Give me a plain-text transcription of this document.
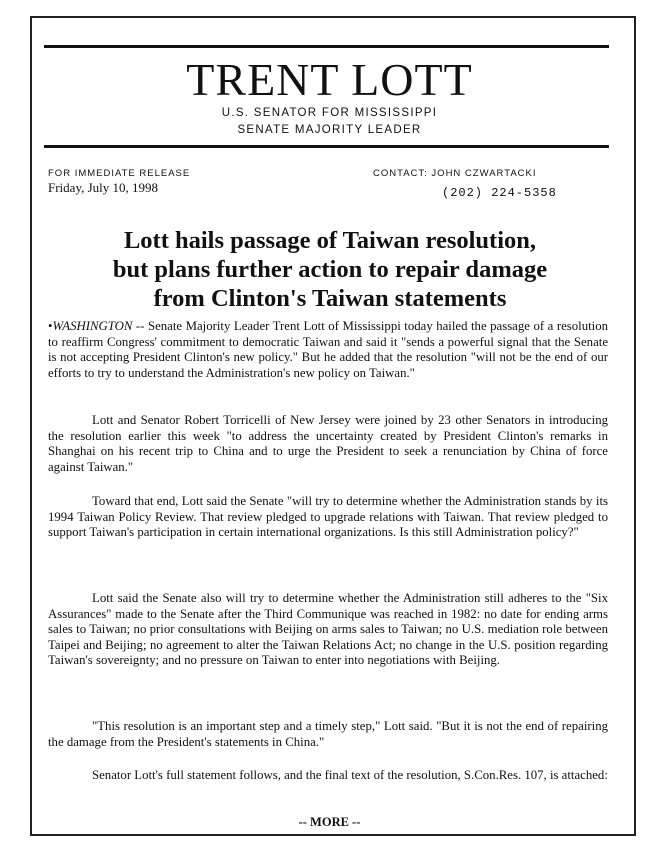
TRENT LOTT
U.S. SENATOR FOR MISSISSIPPI
SENATE MAJORITY LEADER
FOR IMMEDIATE RELEASE
Friday, July 10, 1998
CONTACT: JOHN CZWARTACKI
(202) 224-5358
Lott hails passage of Taiwan resolution,
but plans further action to repair damage
from Clinton's Taiwan statements
•WASHINGTON -- Senate Majority Leader Trent Lott of Mississippi today hailed the passage of a resolution to reaffirm Congress' commitment to democratic Taiwan and said it "sends a powerful signal that the Senate is not accepting President Clinton's new policy." But he added that the resolution "will not be the end of our efforts to try to understand the Administration's new policy on Taiwan."
Lott and Senator Robert Torricelli of New Jersey were joined by 23 other Senators in introducing the resolution earlier this week "to address the uncertainty created by President Clinton's remarks in Shanghai on his recent trip to China and to urge the President to seek a renunciation by China of force against Taiwan."
Toward that end, Lott said the Senate "will try to determine whether the Administration stands by its 1994 Taiwan Policy Review. That review pledged to upgrade relations with Taiwan. That review pledged to support Taiwan's participation in certain international organizations. Is this still Administration policy?"
Lott said the Senate also will try to determine whether the Administration still adheres to the "Six Assurances" made to the Senate after the Third Communique was reached in 1982: no date for ending arms sales to Taiwan; no prior consultations with Beijing on arms sales to Taiwan; no U.S. mediation role between Taipei and Beijing; no agreement to alter the Taiwan Relations Act; no change in the U.S. position regarding Taiwan's sovereignty; and no pressure on Taiwan to enter into negotiations with Beijing.
"This resolution is an important step and a timely step," Lott said. "But it is not the end of repairing the damage from the President's statements in China."
Senator Lott's full statement follows, and the final text of the resolution, S.Con.Res. 107, is attached:
-- MORE --
